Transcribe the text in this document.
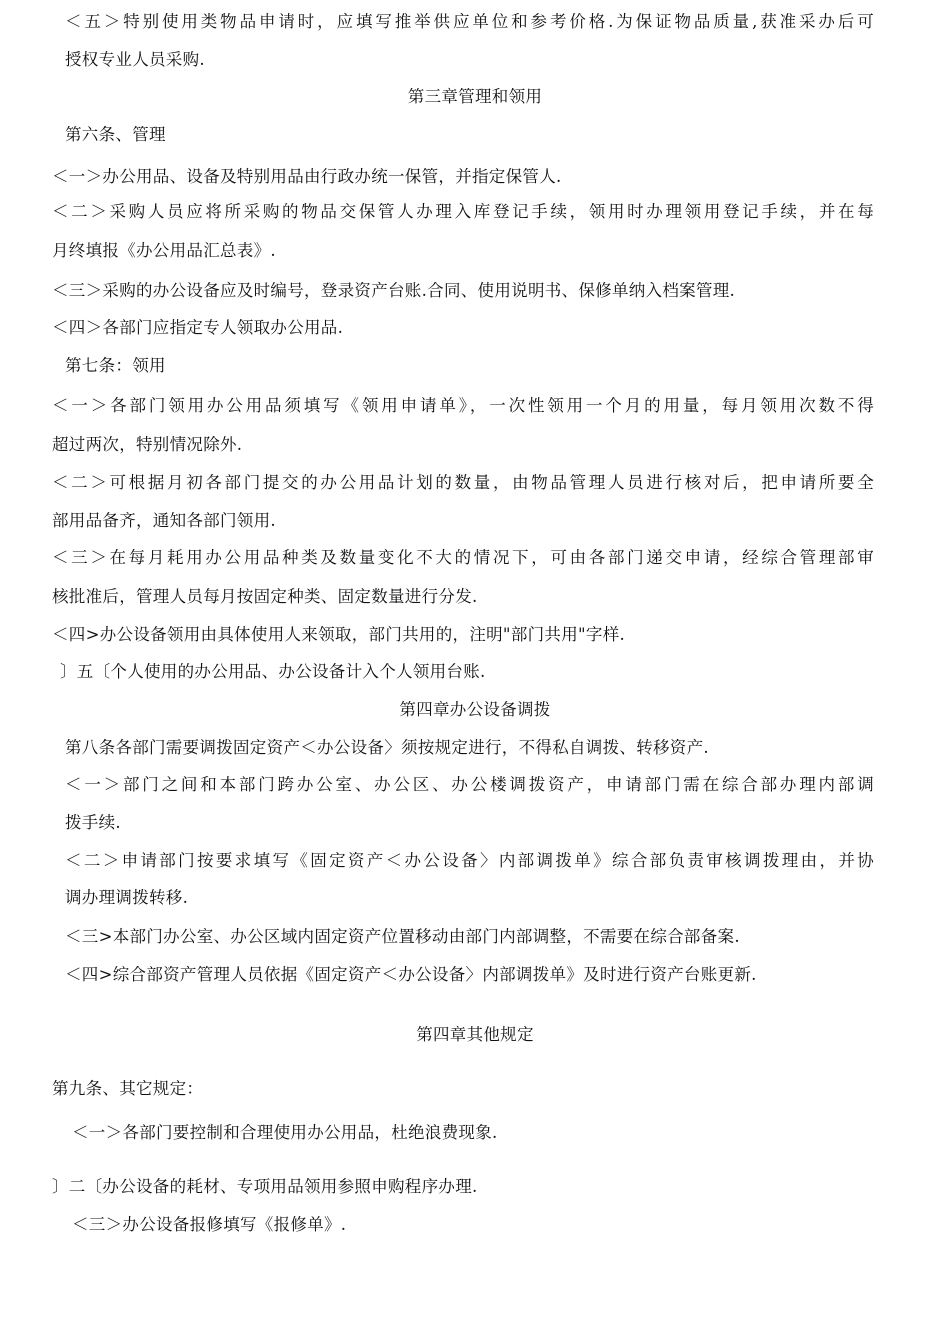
＜五＞特别使用类物品申请时，应填写推举供应单位和参考价格.为保证物品质量,获准采办后可
授权专业人员采购.
第三章管理和领用
第六条、管理
＜一＞办公用品、设备及特别用品由行政办统一保管，并指定保管人.
＜二＞采购人员应将所采购的物品交保管人办理入库登记手续，领用时办理领用登记手续，并在每
月终填报《办公用品汇总表》.
＜三＞采购的办公设备应及时编号，登录资产台账.合同、使用说明书、保修单纳入档案管理.
＜四＞各部门应指定专人领取办公用品.
第七条：领用
＜一＞各部门领用办公用品须填写《领用申请单》，一次性领用一个月的用量，每月领用次数不得
超过两次，特别情况除外.
＜二＞可根据月初各部门提交的办公用品计划的数量，由物品管理人员进行核对后，把申请所要全
部用品备齐，通知各部门领用.
＜三＞在每月耗用办公用品种类及数量变化不大的情况下，可由各部门递交申请，经综合管理部审
核批准后，管理人员每月按固定种类、固定数量进行分发.
＜四>办公设备领用由具体使用人来领取，部门共用的，注明"部门共用"字样.
〕五〔个人使用的办公用品、办公设备计入个人领用台账.
第四章办公设备调拨
第八条各部门需要调拨固定资产＜办公设备〉须按规定进行，不得私自调拨、转移资产.
＜一＞部门之间和本部门跨办公室、办公区、办公楼调拨资产，申请部门需在综合部办理内部调
拨手续.
＜二＞申请部门按要求填写《固定资产＜办公设备〉内部调拨单》综合部负责审核调拨理由，并协
调办理调拨转移.
＜三>本部门办公室、办公区域内固定资产位置移动由部门内部调整，不需要在综合部备案.
＜四>综合部资产管理人员依据《固定资产＜办公设备〉内部调拨单》及时进行资产台账更新.
第四章其他规定
第九条、其它规定：
＜一＞各部门要控制和合理使用办公用品，杜绝浪费现象.
〕二〔办公设备的耗材、专项用品领用参照申购程序办理.
＜三＞办公设备报修填写《报修单》.
